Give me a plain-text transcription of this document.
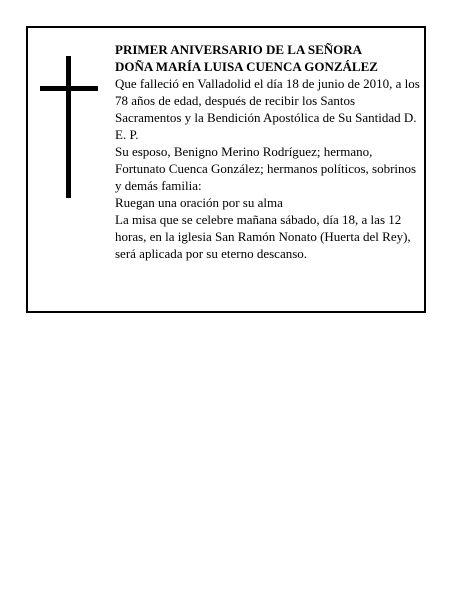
PRIMER ANIVERSARIO DE LA SEÑORA

DOÑA MARÍA LUISA CUENCA GONZÁLEZ

Que falleció en Valladolid el día 18 de junio de 2010, a los 78 años de edad, después de recibir los Santos Sacramentos y la Bendición Apostólica de Su Santidad D. E. P.

Su esposo, Benigno Merino Rodríguez; hermano, Fortunato Cuenca González; hermanos políticos, sobrinos y demás familia:

Ruegan una oración por su alma

La misa que se celebre mañana sábado, día 18, a las 12 horas, en la iglesia San Ramón Nonato (Huerta del Rey), será aplicada por su eterno descanso.
